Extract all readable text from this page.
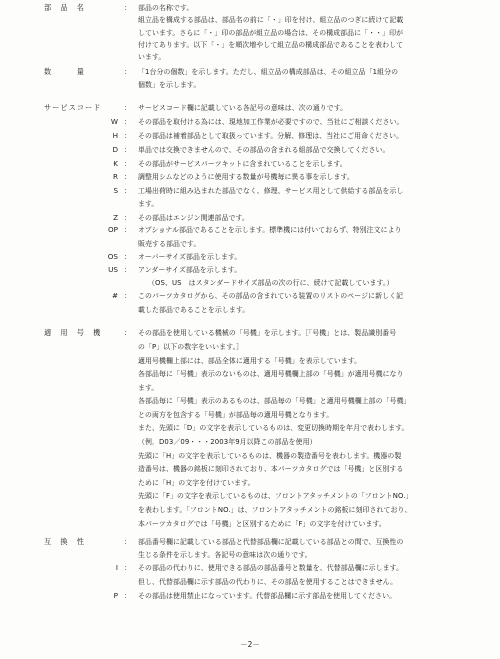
部　品　名	： 部品の名称です。
組立品を構成する部品は、部品名の前に「・」印を付け、組立品のつぎに続けて記載
しています。さらに「・」印の部品が組立品の場合は、その構成部品に「・・」印が
付けてあります。以下「・」を順次増やして組立品の構成部品であることを表わして
います。
数　　　量	： 「1台分の個数」を示します。ただし、組立品の構成部品は、その組立品「1組分の
個数」を示します。
サービスコード	： サービスコード欄に記載している各記号の意味は、次の通りです。
W ： その部品を取付ける為には、現地加工作業が必要ですので、当社にご相談ください。
H ： その部品は補着部品として取扱っています。分解、修理は、当社にご用命ください。
D ： 単品では交換できませんので、その部品の含まれる組部品で交換してください。
K ： その部品がサービスパーツキットに含まれていることを示します。
R ： 調整用シムなどのように使用する数量が号機毎に異る事を示します。
S ： 工場出荷時に組み込まれた部品でなく、修理、サービス用として供給する部品を示し
ます。
Z ： その部品はエンジン関連部品です。
OP ： オプショナル部品であることを示します。標準機には付いておらず、特別注文により
販売する部品です。
OS ： オーバーサイズ部品を示します。
US ： アンダーサイズ部品を示します。
（OS、US　はスタンダードサイズ部品の次の行に、続けて記載しています。）
# ： このパーツカタログから、その部品の含まれている装置のリストのページに新しく記
載した部品であることを示します。
適　用　号　機	： その部品を使用している機械の「号機」を示します。［「号機」とは、製品識別番号
の「P」以下の数字をいいます。］
適用号機欄上部には、部品全体に適用する「号機」を表示しています。
各部品毎に「号機」表示のないものは、適用号機欄上部の「号機」が適用号機になり
ます。
各部品毎に「号機」表示のあるものは、部品毎の「号機」と適用号機欄上部の「号機」
との両方を包含する「号機」が部品毎の適用号機となります。
また、先頭に「D」の文字を表示しているものは、変更切換時期を年月で表わします。
（例．D03／09・・・2003年9月以降この部品を使用）
先頭に「H」の文字を表示しているものは、機器の製造番号を表わします。機器の製
造番号は、機器の銘板に刻印されており、本パーツカタログでは「号機」と区別する
ために「H」の文字を付けています。
先頭に「F」の文字を表示しているものは、フロントアタッチメントの「フロントNO.」
を表わします。「フロントNO.」は、フロントアタッチメントの銘板に刻印されており、
本パーツカタログでは「号機」と区別するために「F」の文字を付けています。
互　換　性	： 部品番号欄に記載している部品と代替部品欄に記載している部品との間で、互換性の
生じる条件を示します。各記号の意味は次の通りです。
I ： その部品の代わりに、使用できる部品の部品番号と数量を、代替部品欄に示します。
但し、代替部品欄に示す部品の代わりに、その部品を使用することはできません。
P ： その部品は使用禁止になっています。代替部品欄に示す部品を使用してください。
－2－
